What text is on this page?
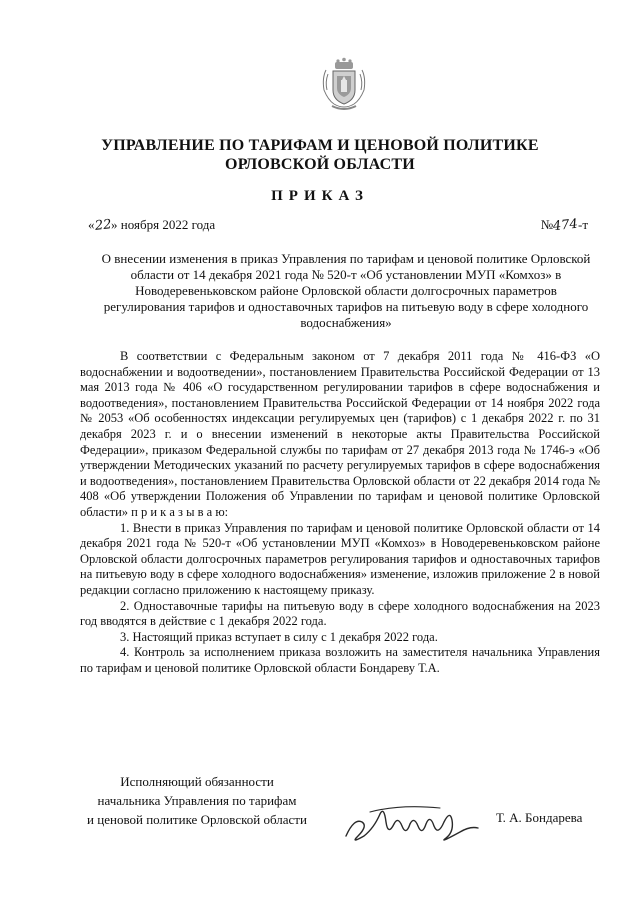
УПРАВЛЕНИЕ ПО ТАРИФАМ И ЦЕНОВОЙ ПОЛИТИКЕ
ОРЛОВСКОЙ ОБЛАСТИ
ПРИКАЗ
«22» ноября 2022 года	№474-т
О внесении изменения в приказ Управления по тарифам и ценовой политике Орловской области от 14 декабря 2021 года № 520-т «Об установлении МУП «Комхоз» в Новодеревеньковском районе Орловской области долгосрочных параметров регулирования тарифов и одноставочных тарифов на питьевую воду в сфере холодного водоснабжения»

В соответствии с Федеральным законом от 7 декабря 2011 года № 416-ФЗ «О водоснабжении и водоотведении», постановлением Правительства Российской Федерации от 13 мая 2013 года № 406 «О государственном регулировании тарифов в сфере водоснабжения и водоотведения», постановлением Правительства Российской Федерации от 14 ноября 2022 года № 2053 «Об особенностях индексации регулируемых цен (тарифов) с 1 декабря 2022 г. по 31 декабря 2023 г. и о внесении изменений в некоторые акты Правительства Российской Федерации», приказом Федеральной службы по тарифам от 27 декабря 2013 года № 1746-э «Об утверждении Методических указаний по расчету регулируемых тарифов в сфере водоснабжения и водоотведения», постановлением Правительства Орловской области от 22 декабря 2014 года № 408 «Об утверждении Положения об Управлении по тарифам и ценовой политике Орловской области» п р и к а з ы в а ю:

1. Внести в приказ Управления по тарифам и ценовой политике Орловской области от 14 декабря 2021 года № 520-т «Об установлении МУП «Комхоз» в Новодеревеньковском районе Орловской области долгосрочных параметров регулирования тарифов и одноставочных тарифов на питьевую воду в сфере холодного водоснабжения» изменение, изложив приложение 2 в новой редакции согласно приложению к настоящему приказу.

2. Одноставочные тарифы на питьевую воду в сфере холодного водоснабжения на 2023 год вводятся в действие с 1 декабря 2022 года.

3. Настоящий приказ вступает в силу с 1 декабря 2022 года.

4. Контроль за исполнением приказа возложить на заместителя начальника Управления по тарифам и ценовой политике Орловской области Бондареву Т.А.

Исполняющий обязанности
начальника Управления по тарифам
и ценовой политике Орловской области	Т. А. Бондарева
